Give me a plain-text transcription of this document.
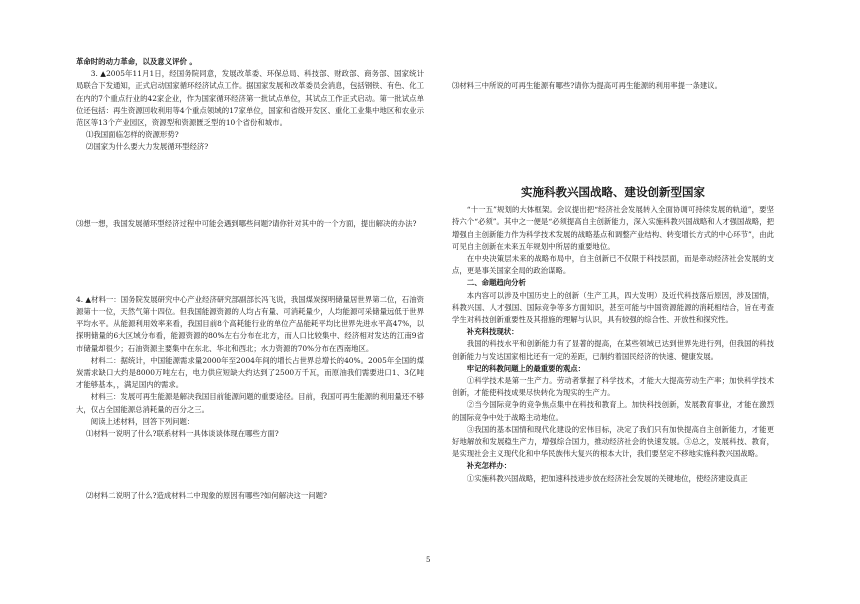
革命时的动力革命，以及意义评价 。

3. ▲2005年11月1日，经国务院同意，发展改革委、环保总局、科技部、财政部、商务部、国家统计局联合下发通知，正式启动国家循环经济试点工作。据国家发展和改革委员会消息，包括钢铁、有色、化工在内的7个重点行业的42家企业，作为国家循环经济第一批试点单位，其试点工作正式启动。第一批试点单位还包括：再生资源回收利用等4个重点领域的17家单位，国家和省级开发区、重化工业集中地区和农业示范区等13个产业园区，资源型和资源匮乏型的10个省份和城市。

⑴我国面临怎样的资源形势?

⑵国家为什么要大力发展循环型经济?

⑶想一想，我国发展循环型经济过程中可能会遇到哪些问题?请你针对其中的一个方面，提出解决的办法?

4. ▲材料一：国务院发展研究中心产业经济研究部副部长冯飞说，我国煤炭探明储量居世界第二位，石油资源第十一位，天然气第十四位。但我国能源资源的人均占有量、可消耗量少，人均能源可采储量远低于世界平均水平。从能源利用效率来看，我国目前8个高耗能行业的单位产品能耗平均比世界先进水平高47%，以探明储量的6大区域分布看，能源资源的80%左右分布在北方，而人口比较集中、经济相对发达的江南9省市储量却很少；石油资源主要集中在东北、华北和西北；水力资源的70%分布在西南地区。

材料二：据统计，中国能源需求量2000年至2004年间的增长占世界总增长的40%。2005年全国的煤炭需求缺口大约是8000万吨左右，电力供应短缺大约达到了2500万千瓦，而原油我们需要进口1、3亿吨才能够基本，，满足国内的需求。

材料三：发展可再生能源是解决我国目前能源问题的重要途径。目前，我国可再生能源的利用量还不够大，仅占全国能源总消耗量的百分之三。

阅读上述材料，回答下列问题：

⑴材料一说明了什么?联系材料一具体谈谈体现在哪些方面?

⑵材料二说明了什么?造成材料二中现象的原因有哪些?如何解决这一问题?

⑶材料三中所说的可再生能源有哪些?请你为提高可再生能源的利用率提一条建议。

实施科教兴国战略、建设创新型国家

“十一五”规划的大体框架。会议提出把“经济社会发展转入全面协调可持续发展的轨道”，要坚持六个“必须”。其中之一便是“必须提高自主创新能力，深入实施科教兴国战略和人才强国战略，把增强自主创新能力作为科学技术发展的战略基点和调整产业结构、转变增长方式的中心环节”，由此可见自主创新在未来五年规划中所居的重要地位。

在中央决策层未来的战略布局中，自主创新已不仅限于科技层面，而是牵动经济社会发展的支点，更是事关国家全局的政治谋略。

二、命题趋向分析

本内容可以涉及中国历史上的创新（生产工具，四大发明）及近代科技落后原因，涉及国情，科教兴国、人才强国、国际竞争等多方面知识，甚至可能与中国资源能源的消耗相结合，旨在考查学生对科技创新重要性及其措施的理解与认识，具有较强的综合性、开放性和探究性。

补充科技现状：

我国的科技水平和创新能力有了显著的提高，在某些领域已达到世界先进行列，但我国的科技创新能力与发达国家相比还有一定的差距，已制约着国民经济的快速、健康发展。

牢记的科教问题上的最重要的观点：

①科学技术是第一生产力。劳动者掌握了科学技术，才能大大提高劳动生产率；加快科学技术创新，才能使科技成果尽快转化为现实的生产力。

②当今国际竞争的竞争焦点集中在科技和教育上。加快科技创新，发展教育事业，才能在激烈的国际竞争中处于战略主动地位。

③我国的基本国情和现代化建设的宏伟目标，决定了我们只有加快提高自主创新能力，才能更好地解放和发展稳生产力，增强综合国力，推动经济社会的快速发展。③总之，发展科技、教育，是实现社会主义现代化和中华民族伟大复兴的根本大计，我们要坚定不移地实施科教兴国战略。

补充怎样办：

①实施科教兴国战略，把加速科技进步放在经济社会发展的关键地位，使经济建设真正

5
